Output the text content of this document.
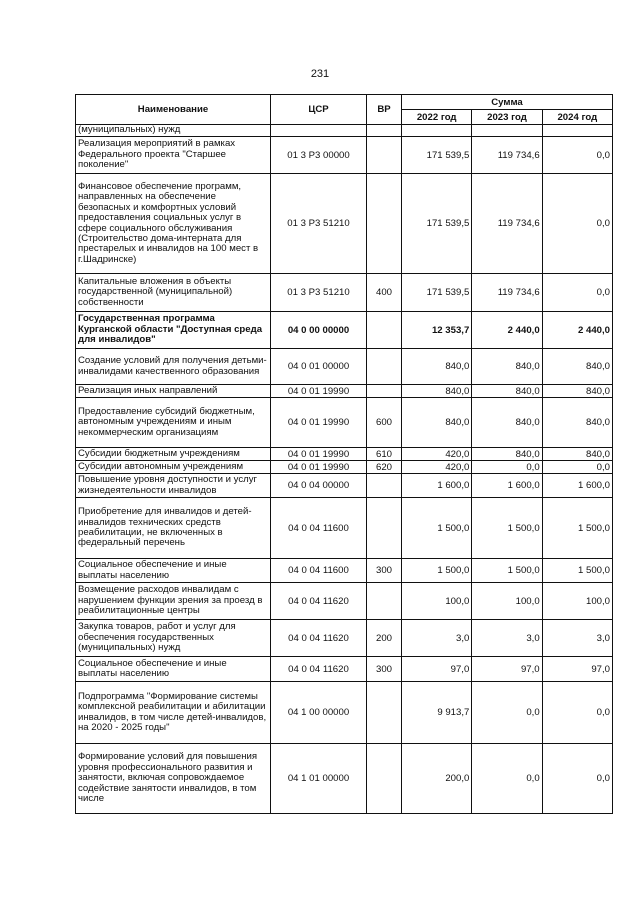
231
Наименование	ЦСР	ВР	Сумма		
			2022 год	2023 год	2024 год
(муниципальных) нужд					
Реализация мероприятий в рамках Федерального проекта "Старшее поколение"	01 3 P3 00000		171 539,5	119 734,6	0,0
Финансовое обеспечение программ, направленных на обеспечение безопасных и комфортных условий предоставления социальных услуг в сфере социального обслуживания (Строительство дома-интерната для престарелых и инвалидов на 100 мест в г.Шадринске)	01 3 P3 51210		171 539,5	119 734,6	0,0
Капитальные вложения в объекты государственной (муниципальной) собственности	01 3 P3 51210	400	171 539,5	119 734,6	0,0
Государственная программа Курганской области "Доступная среда для инвалидов"	04 0 00 00000		12 353,7	2 440,0	2 440,0
Создание условий для получения детьми-инвалидами качественного образования	04 0 01 00000		840,0	840,0	840,0
Реализация иных направлений	04 0 01 19990		840,0	840,0	840,0
Предоставление субсидий бюджетным, автономным учреждениям и иным некоммерческим организациям	04 0 01 19990	600	840,0	840,0	840,0
Субсидии бюджетным учреждениям	04 0 01 19990	610	420,0	840,0	840,0
Субсидии автономным учреждениям	04 0 01 19990	620	420,0	0,0	0,0
Повышение уровня доступности и услуг жизнедеятельности инвалидов	04 0 04 00000		1 600,0	1 600,0	1 600,0
Приобретение для инвалидов и детей-инвалидов технических средств реабилитации, не включенных в федеральный перечень	04 0 04 11600		1 500,0	1 500,0	1 500,0
Социальное обеспечение и иные выплаты населению	04 0 04 11600	300	1 500,0	1 500,0	1 500,0
Возмещение расходов инвалидам с нарушением функции зрения за проезд в реабилитационные центры	04 0 04 11620		100,0	100,0	100,0
Закупка товаров, работ и услуг для обеспечения государственных (муниципальных) нужд	04 0 04 11620	200	3,0	3,0	3,0
Социальное обеспечение и иные выплаты населению	04 0 04 11620	300	97,0	97,0	97,0
Подпрограмма "Формирование системы комплексной реабилитации и абилитации инвалидов, в том числе детей-инвалидов, на 2020 - 2025 годы"	04 1 00 00000		9 913,7	0,0	0,0
Формирование условий для повышения уровня профессионального развития и занятости, включая сопровождаемое содействие занятости инвалидов, в том числе	04 1 01 00000		200,0	0,0	0,0
